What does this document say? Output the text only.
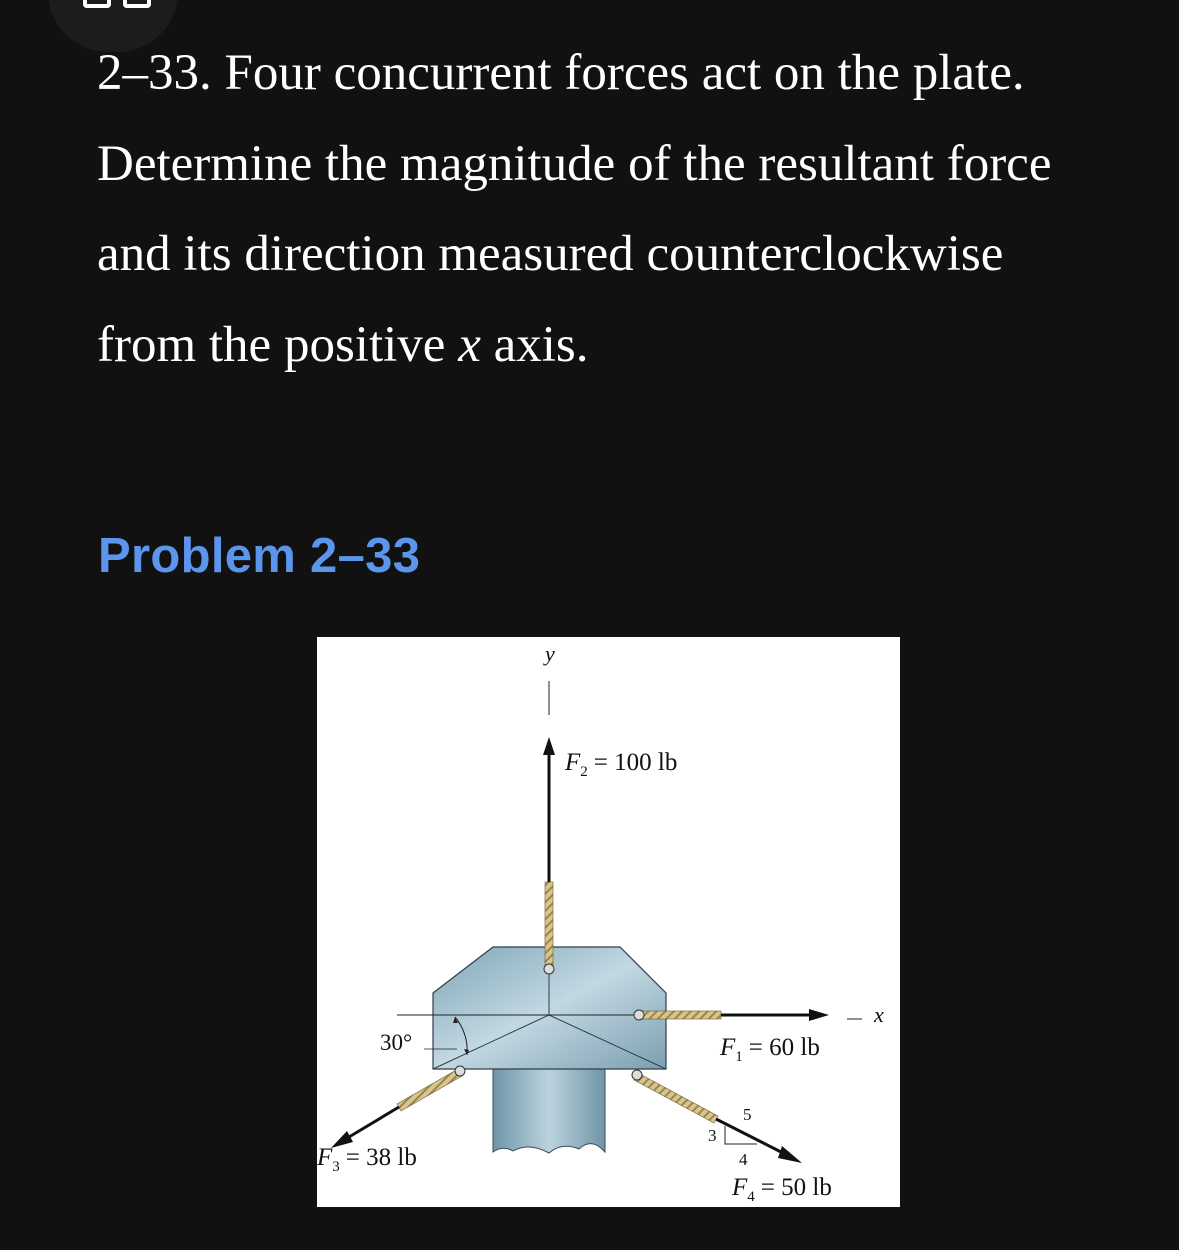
2–33. Four concurrent forces act on the plate. Determine the magnitude of the resultant force and its direction measured counterclockwise from the positive x axis.

Problem 2–33
y
x
$F_2 = 100$ lb
$F_1 = 60$ lb
$F_3 = 38$ lb
$F_4 = 50$ lb
30°
5
3
4
